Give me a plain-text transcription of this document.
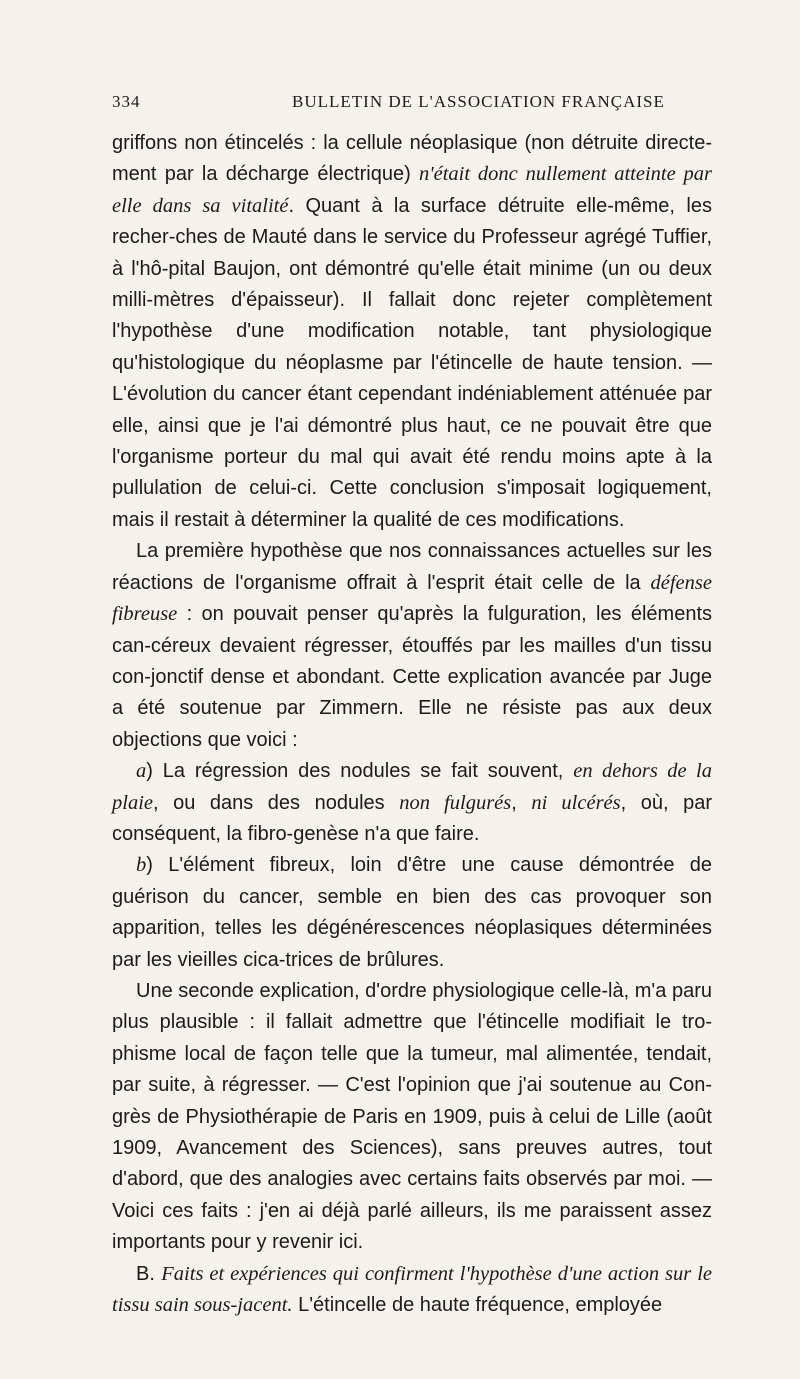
334	BULLETIN DE L'ASSOCIATION FRANÇAISE

griffons non étincelés : la cellule néoplasique (non détruite directe-ment par la décharge électrique) n'était donc nullement atteinte par elle dans sa vitalité. Quant à la surface détruite elle-même, les recher-ches de Mauté dans le service du Professeur agrégé Tuffier, à l'hô-pital Baujon, ont démontré qu'elle était minime (un ou deux milli-mètres d'épaisseur). Il fallait donc rejeter complètement l'hypothèse d'une modification notable, tant physiologique qu'histologique du néoplasme par l'étincelle de haute tension. — L'évolution du cancer étant cependant indéniablement atténuée par elle, ainsi que je l'ai démontré plus haut, ce ne pouvait être que l'organisme porteur du mal qui avait été rendu moins apte à la pullulation de celui-ci. Cette conclusion s'imposait logiquement, mais il restait à déterminer la qualité de ces modifications.

La première hypothèse que nos connaissances actuelles sur les réactions de l'organisme offrait à l'esprit était celle de la défense fibreuse : on pouvait penser qu'après la fulguration, les éléments can-céreux devaient régresser, étouffés par les mailles d'un tissu con-jonctif dense et abondant. Cette explication avancée par Juge a été soutenue par Zimmern. Elle ne résiste pas aux deux objections que voici :

a) La régression des nodules se fait souvent, en dehors de la plaie, ou dans des nodules non fulgurés, ni ulcérés, où, par conséquent, la fibro-genèse n'a que faire.

b) L'élément fibreux, loin d'être une cause démontrée de guérison du cancer, semble en bien des cas provoquer son apparition, telles les dégénérescences néoplasiques déterminées par les vieilles cica-trices de brûlures.

Une seconde explication, d'ordre physiologique celle-là, m'a paru plus plausible : il fallait admettre que l'étincelle modifiait le tro-phisme local de façon telle que la tumeur, mal alimentée, tendait, par suite, à régresser. — C'est l'opinion que j'ai soutenue au Con-grès de Physiothérapie de Paris en 1909, puis à celui de Lille (août 1909, Avancement des Sciences), sans preuves autres, tout d'abord, que des analogies avec certains faits observés par moi. — Voici ces faits : j'en ai déjà parlé ailleurs, ils me paraissent assez importants pour y revenir ici.

B. Faits et expériences qui confirment l'hypothèse d'une action sur le tissu sain sous-jacent. L'étincelle de haute fréquence, employée
